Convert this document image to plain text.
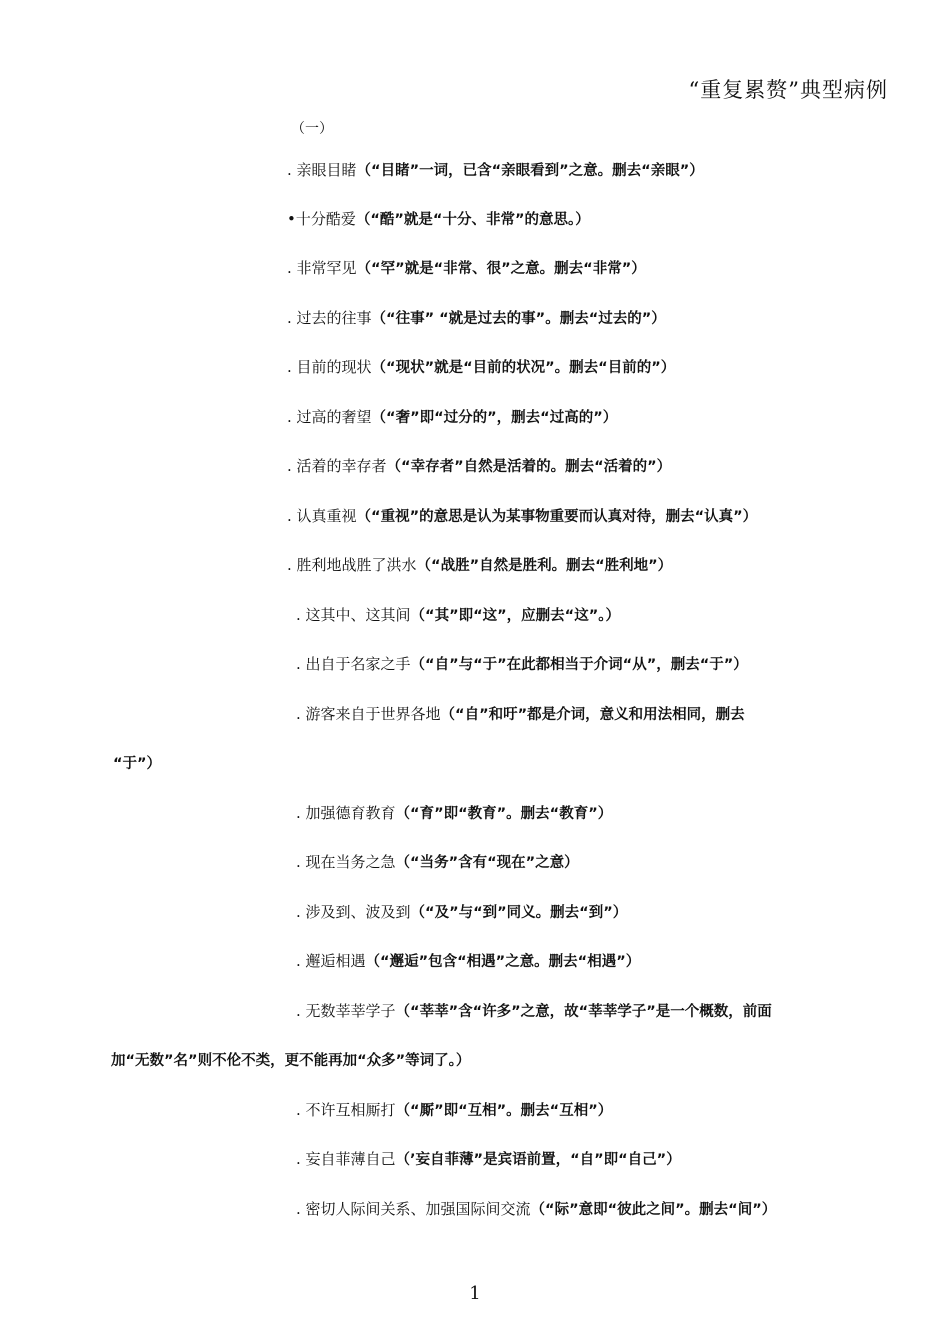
“重复累赘”典型病例
（一）
. 亲眼目睹（“目睹”一词，已含“亲眼看到”之意。删去“亲眼”）
•十分酷爱（“酷”就是“十分、非常”的意思。）
. 非常罕见（“罕”就是“非常、很”之意。删去“非常”）
. 过去的往事（“往事” “就是过去的事”。删去“过去的”）
. 目前的现状（“现状”就是“目前的状况”。删去“目前的”）
. 过高的奢望（“奢”即“过分的”，删去“过高的”）
. 活着的幸存者（“幸存者”自然是活着的。删去“活着的”）
. 认真重视（“重视”的意思是认为某事物重要而认真对待，删去“认真”）
. 胜利地战胜了洪水（“战胜”自然是胜利。删去“胜利地”）
. 这其中、这其间（“其”即“这”，应删去“这”。）
. 出自于名家之手（“自”与“于”在此都相当于介词“从”，删去“于”）
. 游客来自于世界各地（“自”和吁”都是介词，意义和用法相同，删去
“于”）
. 加强德育教育（“育”即“教育”。删去“教育”）
. 现在当务之急（“当务”含有“现在”之意）
. 涉及到、波及到（“及”与“到”同义。删去“到”）
. 邂逅相遇（“邂逅”包含“相遇”之意。删去“相遇”）
. 无数莘莘学子（“莘莘”含“许多”之意，故“莘莘学子”是一个概数，前面
加“无数”名”则不伦不类，更不能再加“众多”等词了。）
. 不许互相厮打（“厮”即“互相”。删去“互相”）
. 妄自菲薄自己（’妄自菲薄”是宾语前置，“自”即“自己”）
. 密切人际间关系、加强国际间交流（“际”意即“彼此之间”。删去“间”）
1
